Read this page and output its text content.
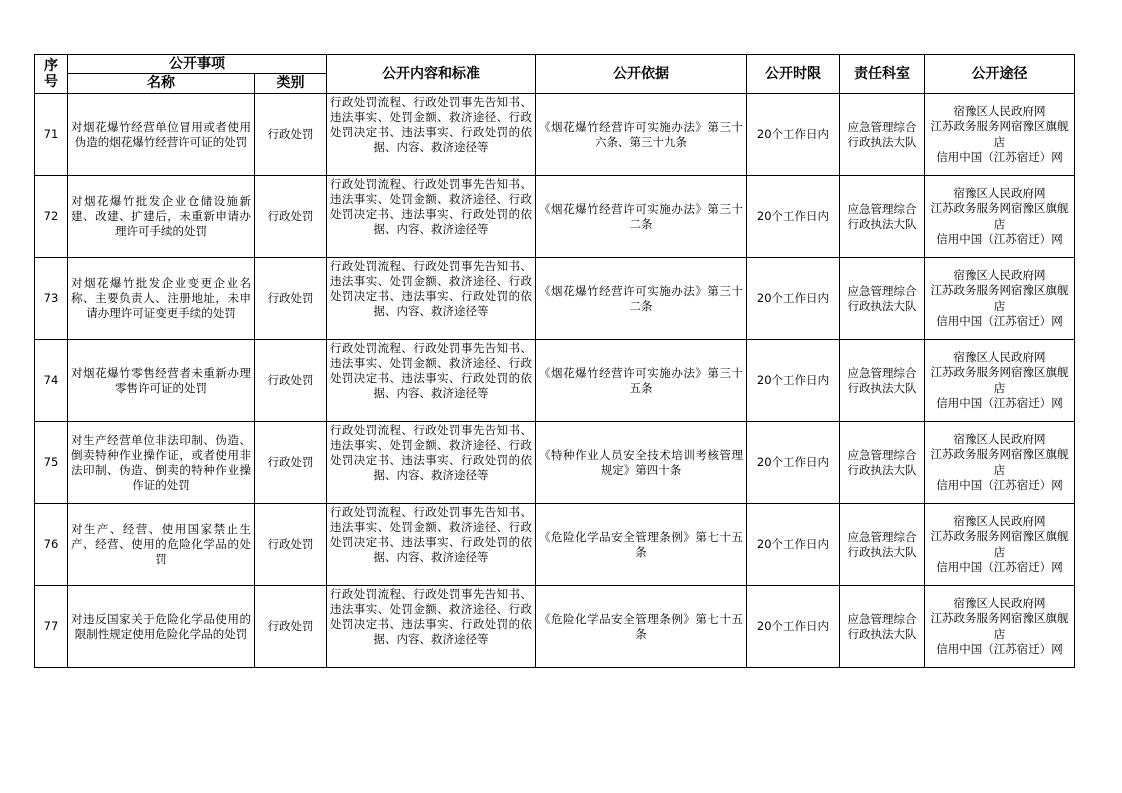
序
号	公开事项		公开内容和标准	公开依据	公开时限	责任科室	公开途径
	名称	类别					

71	对烟花爆竹经营单位冒用或者使用伪造的烟花爆竹经营许可证的处罚	行政处罚	行政处罚流程、行政处罚事先告知书、违法事实、处罚金额、救济途径、行政处罚决定书、违法事实、行政处罚的依据、内容、救济途径等	《烟花爆竹经营许可实施办法》第三十六条、第三十九条	20个工作日内	应急管理综合行政执法大队	宿豫区人民政府网
江苏政务服务网宿豫区旗舰店
信用中国（江苏宿迁）网

72	对烟花爆竹批发企业仓储设施新建、改建、扩建后，未重新申请办理许可手续的处罚	行政处罚	行政处罚流程、行政处罚事先告知书、违法事实、处罚金额、救济途径、行政处罚决定书、违法事实、行政处罚的依据、内容、救济途径等	《烟花爆竹经营许可实施办法》第三十二条	20个工作日内	应急管理综合行政执法大队	宿豫区人民政府网
江苏政务服务网宿豫区旗舰店
信用中国（江苏宿迁）网

73	对烟花爆竹批发企业变更企业名称、主要负责人、注册地址，未申请办理许可证变更手续的处罚	行政处罚	行政处罚流程、行政处罚事先告知书、违法事实、处罚金额、救济途径、行政处罚决定书、违法事实、行政处罚的依据、内容、救济途径等	《烟花爆竹经营许可实施办法》第三十二条	20个工作日内	应急管理综合行政执法大队	宿豫区人民政府网
江苏政务服务网宿豫区旗舰店
信用中国（江苏宿迁）网

74	对烟花爆竹零售经营者未重新办理零售许可证的处罚	行政处罚	行政处罚流程、行政处罚事先告知书、违法事实、处罚金额、救济途径、行政处罚决定书、违法事实、行政处罚的依据、内容、救济途径等	《烟花爆竹经营许可实施办法》第三十五条	20个工作日内	应急管理综合行政执法大队	宿豫区人民政府网
江苏政务服务网宿豫区旗舰店
信用中国（江苏宿迁）网

75	对生产经营单位非法印制、伪造、倒卖特种作业操作证，或者使用非法印制、伪造、倒卖的特种作业操作证的处罚	行政处罚	行政处罚流程、行政处罚事先告知书、违法事实、处罚金额、救济途径、行政处罚决定书、违法事实、行政处罚的依据、内容、救济途径等	《特种作业人员安全技术培训考核管理规定》第四十条	20个工作日内	应急管理综合行政执法大队	宿豫区人民政府网
江苏政务服务网宿豫区旗舰店
信用中国（江苏宿迁）网

76	对生产、经营、使用国家禁止生产、经营、使用的危险化学品的处罚	行政处罚	行政处罚流程、行政处罚事先告知书、违法事实、处罚金额、救济途径、行政处罚决定书、违法事实、行政处罚的依据、内容、救济途径等	《危险化学品安全管理条例》第七十五条	20个工作日内	应急管理综合行政执法大队	宿豫区人民政府网
江苏政务服务网宿豫区旗舰店
信用中国（江苏宿迁）网

77	对违反国家关于危险化学品使用的限制性规定使用危险化学品的处罚	行政处罚	行政处罚流程、行政处罚事先告知书、违法事实、处罚金额、救济途径、行政处罚决定书、违法事实、行政处罚的依据、内容、救济途径等	《危险化学品安全管理条例》第七十五条	20个工作日内	应急管理综合行政执法大队	宿豫区人民政府网
江苏政务服务网宿豫区旗舰店
信用中国（江苏宿迁）网
